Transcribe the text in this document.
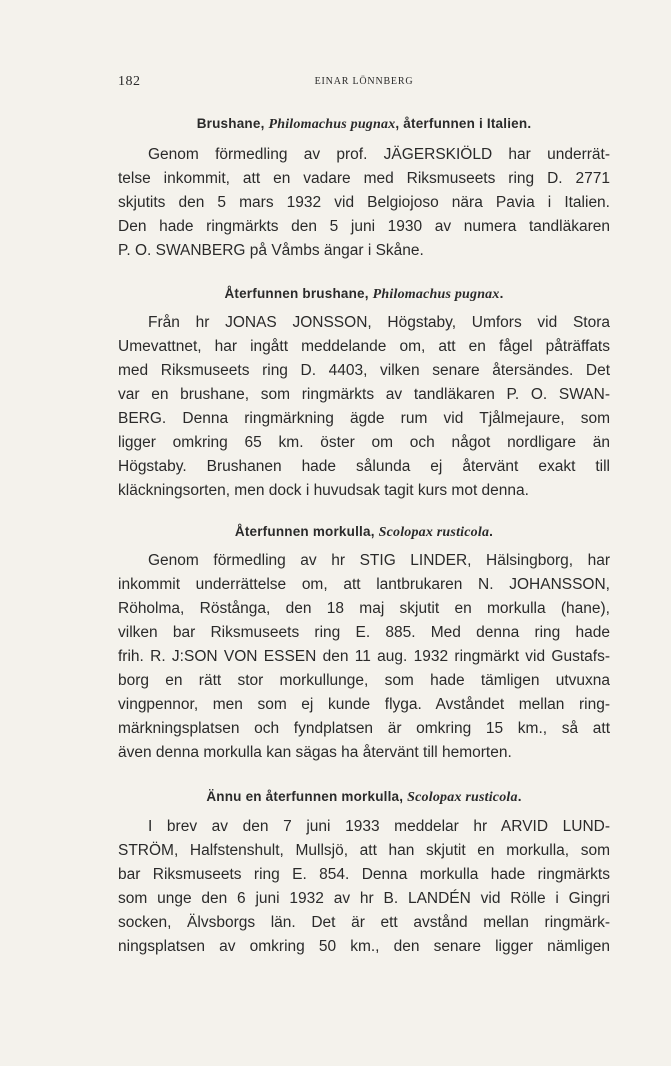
182	EINAR LÖNNBERG
Brushane, Philomachus pugnax, återfunnen i Italien.
Genom förmedling av prof. JÄGERSKIÖLD har underrät-
telse inkommit, att en vadare med Riksmuseets ring D. 2771
skjutits den 5 mars 1932 vid Belgiojoso nära Pavia i Italien.
Den hade ringmärkts den 5 juni 1930 av numera tandläkaren
P. O. SWANBERG på Våmbs ängar i Skåne.
Återfunnen brushane, Philomachus pugnax.
Från hr JONAS JONSSON, Högstaby, Umfors vid Stora
Umevattnet, har ingått meddelande om, att en fågel påträffats
med Riksmuseets ring D. 4403, vilken senare återsändes. Det
var en brushane, som ringmärkts av tandläkaren P. O. SWAN-
BERG. Denna ringmärkning ägde rum vid Tjålmejaure, som
ligger omkring 65 km. öster om och något nordligare än
Högstaby. Brushanen hade sålunda ej återvänt exakt till
kläckningsorten, men dock i huvudsak tagit kurs mot denna.
Återfunnen morkulla, Scolopax rusticola.
Genom förmedling av hr STIG LINDER, Hälsingborg, har
inkommit underrättelse om, att lantbrukaren N. JOHANSSON,
Röholma, Röstånga, den 18 maj skjutit en morkulla (hane),
vilken bar Riksmuseets ring E. 885. Med denna ring hade
frih. R. J:SON VON ESSEN den 11 aug. 1932 ringmärkt vid Gustafs-
borg en rätt stor morkullunge, som hade tämligen utvuxna
vingpennor, men som ej kunde flyga. Avståndet mellan ring-
märkningsplatsen och fyndplatsen är omkring 15 km., så att
även denna morkulla kan sägas ha återvänt till hemorten.
Ännu en återfunnen morkulla, Scolopax rusticola.
I brev av den 7 juni 1933 meddelar hr ARVID LUND-
STRÖM, Halfstenshult, Mullsjö, att han skjutit en morkulla, som
bar Riksmuseets ring E. 854. Denna morkulla hade ringmärkts
som unge den 6 juni 1932 av hr B. LANDÉN vid Rölle i Gingri
socken, Älvsborgs län. Det är ett avstånd mellan ringmärk-
ningsplatsen av omkring 50 km., den senare ligger nämligen
